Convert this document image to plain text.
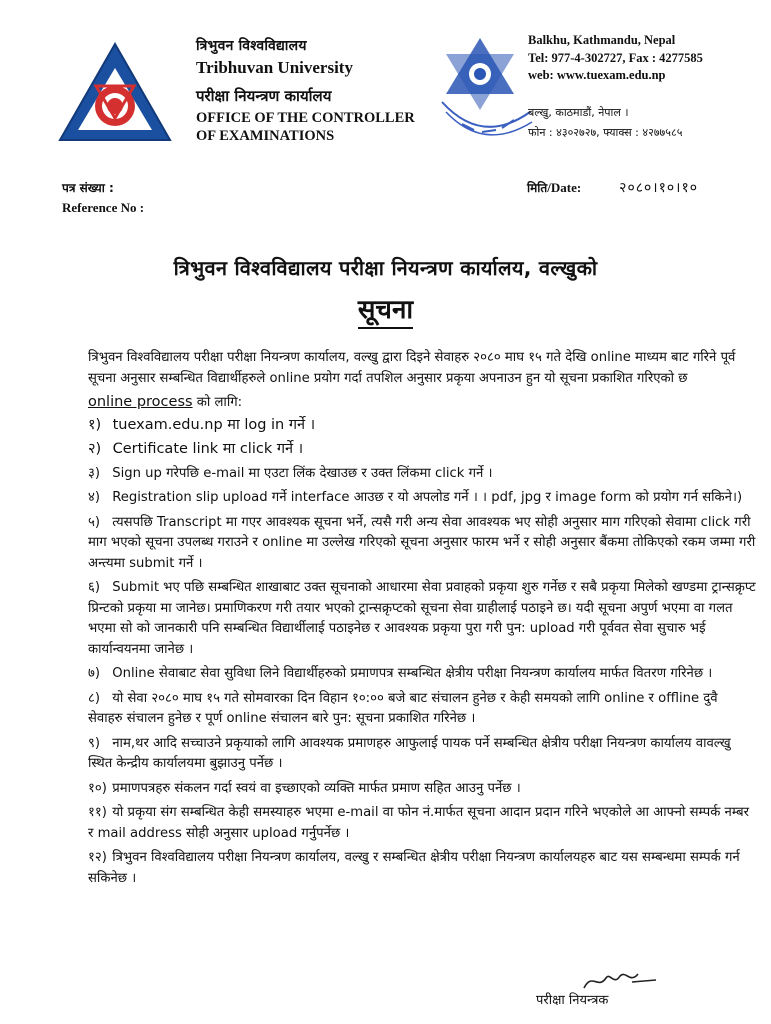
त्रिभुवन विश्वविद्यालय
Tribhuvan University
परीक्षा नियन्त्रण कार्यालय
OFFICE OF THE CONTROLLER
OF EXAMINATIONS
Balkhu, Kathmandu, Nepal
Tel: 977-4-302727, Fax : 4277585
web: www.tuexam.edu.np
बल्खु, काठमाडौं, नेपाल ।
फोन : ४३०२७२७, फ्याक्स : ४२७७५८५
पत्र संख्या :
Reference No :
मिति/Date:	२०८०।१०।१०
त्रिभुवन विश्वविद्यालय परीक्षा नियन्त्रण कार्यालय, वल्खुको
सूचना

त्रिभुवन विश्वविद्यालय परीक्षा परीक्षा नियन्त्रण कार्यालय, वल्खु द्वारा दिइने सेवाहरु २०८० माघ १५ गते देखि online माध्यम बाट गरिने पूर्व सूचना अनुसार सम्बन्धित विद्यार्थीहरुले online प्रयोग गर्दा तपशिल अनुसार प्रकृया अपनाउन हुन यो सूचना प्रकाशित गरिएको छ

online process को लागि:
१) tuexam.edu.np मा log in गर्ने ।
२) Certificate link मा click गर्ने ।
३) Sign up गरेपछि e-mail मा एउटा लिंक देखाउछ र उक्त लिंकमा click गर्ने ।
४) Registration slip upload गर्ने interface आउछ र यो अपलोड गर्ने । । pdf, jpg र image form को प्रयोग गर्न सकिने।)
५) त्यसपछि Transcript मा गएर आवश्यक सूचना भर्ने, त्यसै गरी अन्य सेवा आवश्यक भए सोही अनुसार माग गरिएको सेवामा click गरी माग भएको सूचना उपलब्ध गराउने र online मा उल्लेख गरिएको सूचना अनुसार फारम भर्ने र सोही अनुसार बैंकमा तोकिएको रकम जम्मा गरी अन्त्यमा submit गर्ने ।
६) Submit भए पछि सम्बन्धित शाखाबाट उक्त सूचनाको आधारमा सेवा प्रवाहको प्रकृया शुरु गर्नेछ र सबै प्रकृया मिलेको खण्डमा ट्रान्सक्रृप्ट प्रिन्टको प्रकृया मा जानेछ। प्रमाणिकरण गरी तयार भएको ट्रान्सक्रृप्टको सूचना सेवा ग्राहीलाई पठाइने छ। यदी सूचना अपुर्ण भएमा वा गलत भएमा सो को जानकारी पनि सम्बन्धित विद्यार्थीलाई पठाइनेछ र आवश्यक प्रकृया पुरा गरी पुन: upload गरी पूर्ववत सेवा सुचारु भई कार्यान्वयनमा जानेछ ।
७) Online सेवाबाट सेवा सुविधा लिने विद्यार्थीहरुको प्रमाणपत्र सम्बन्धित क्षेत्रीय परीक्षा नियन्त्रण कार्यालय मार्फत वितरण गरिनेछ ।
८) यो सेवा २०८० माघ १५ गते सोमवारका दिन विहान १०:०० बजे बाट संचालन हुनेछ र केही समयको लागि online र offline दुवै सेवाहरु संचालन हुनेछ र पूर्ण online संचालन बारे पुन: सूचना प्रकाशित गरिनेछ ।
९) नाम,थर आदि सच्चाउने प्रकृयाको लागि आवश्यक प्रमाणहरु आफुलाई पायक पर्ने सम्बन्धित क्षेत्रीय परीक्षा नियन्त्रण कार्यालय वावल्खु स्थित केन्द्रीय कार्यालयमा बुझाउनु पर्नेछ ।
१०) प्रमाणपत्रहरु संकलन गर्दा स्वयं वा इच्छाएको व्यक्ति मार्फत प्रमाण सहित आउनु पर्नेछ ।
११) यो प्रकृया संग सम्बन्धित केही समस्याहरु भएमा e-mail वा फोन नं.मार्फत सूचना आदान प्रदान गरिने भएकोले आ आफ्नो सम्पर्क नम्बर र mail address सोही अनुसार upload गर्नुपर्नेछ ।
१२) त्रिभुवन विश्वविद्यालय परीक्षा नियन्त्रण कार्यालय, वल्खु र सम्बन्धित क्षेत्रीय परीक्षा नियन्त्रण कार्यालयहरु बाट यस सम्बन्धमा सम्पर्क गर्न सकिनेछ ।
परीक्षा नियन्त्रक
